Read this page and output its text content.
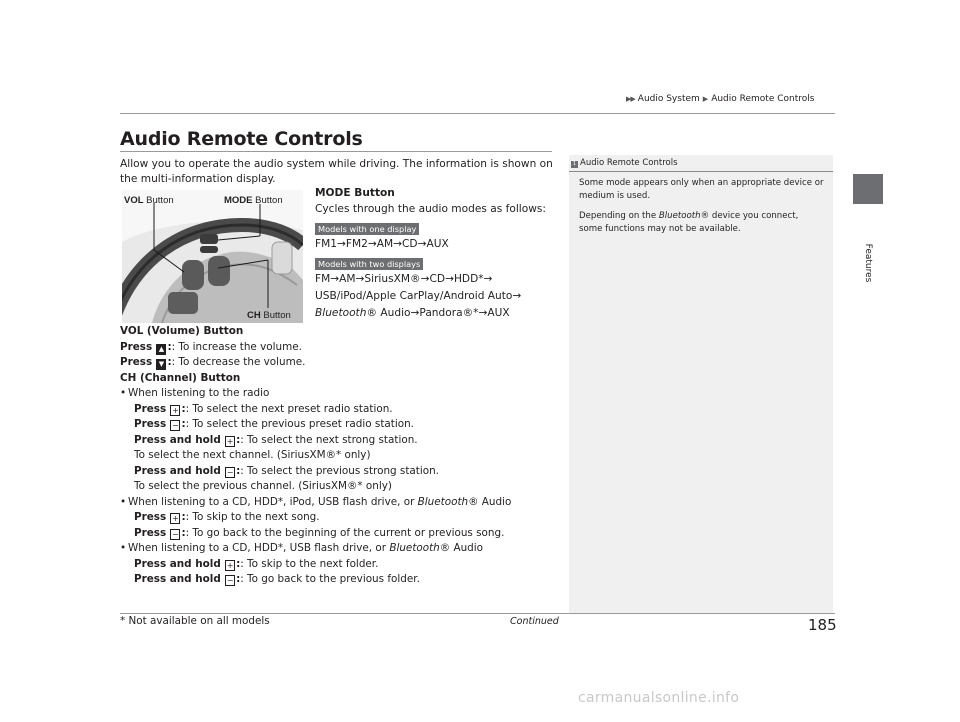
▶▶ Audio System ▶ Audio Remote Controls
Features
Audio Remote Controls
Allow you to operate the audio system while driving. The information is shown on the multi-information display.
VOL Button	MODE Button
CH Button
MODE Button
Cycles through the audio modes as follows:
Models with one display
FM1→FM2→AM→CD→AUX
Models with two displays
FM→AM→SiriusXM®→CD→HDD*→
USB/iPod/Apple CarPlay/Android Auto→
Bluetooth® Audio→Pandora®*→AUX
VOL (Volume) Button
Press ▲ :: To increase the volume.
Press ▼ :: To decrease the volume.
CH (Channel) Button
• When listening to the radio
Press + :: To select the next preset radio station.
Press − :: To select the previous preset radio station.
Press and hold + :: To select the next strong station.
To select the next channel. (SiriusXM®* only)
Press and hold − :: To select the previous strong station.
To select the previous channel. (SiriusXM®* only)
• When listening to a CD, HDD*, iPod, USB flash drive, or Bluetooth® Audio
Press + :: To skip to the next song.
Press − :: To go back to the beginning of the current or previous song.
• When listening to a CD, HDD*, USB flash drive, or Bluetooth® Audio
Press and hold + :: To skip to the next folder.
Press and hold − :: To go back to the previous folder.
1 Audio Remote Controls

Some mode appears only when an appropriate device or medium is used.

Depending on the Bluetooth® device you connect, some functions may not be available.

* Not available on all models	Continued	185
carmanualsonline.info
